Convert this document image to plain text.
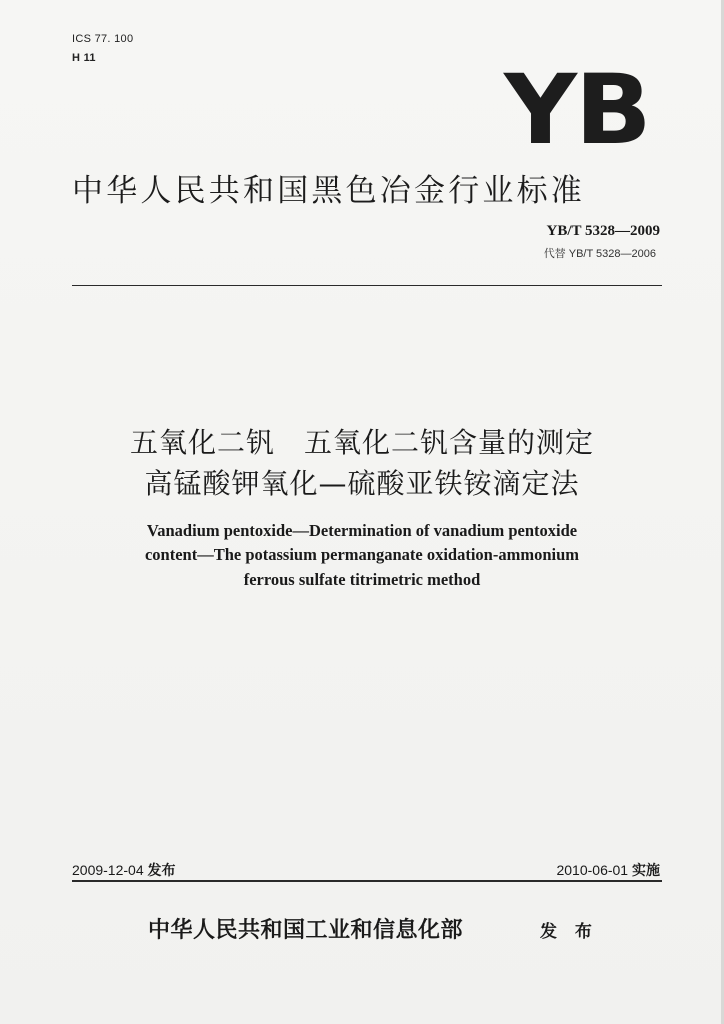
ICS 77. 100
H 11	YB
中华人民共和国黑色冶金行业标准
YB/T 5328—2009
代替 YB/T 5328—2006
五氧化二钒　五氧化二钒含量的测定
高锰酸钾氧化—硫酸亚铁铵滴定法
Vanadium pentoxide—Determination of vanadium pentoxide
content—The potassium permanganate oxidation-ammonium
ferrous sulfate titrimetric method
2009-12-04 发布	2010-06-01 实施
中华人民共和国工业和信息化部	发 布
